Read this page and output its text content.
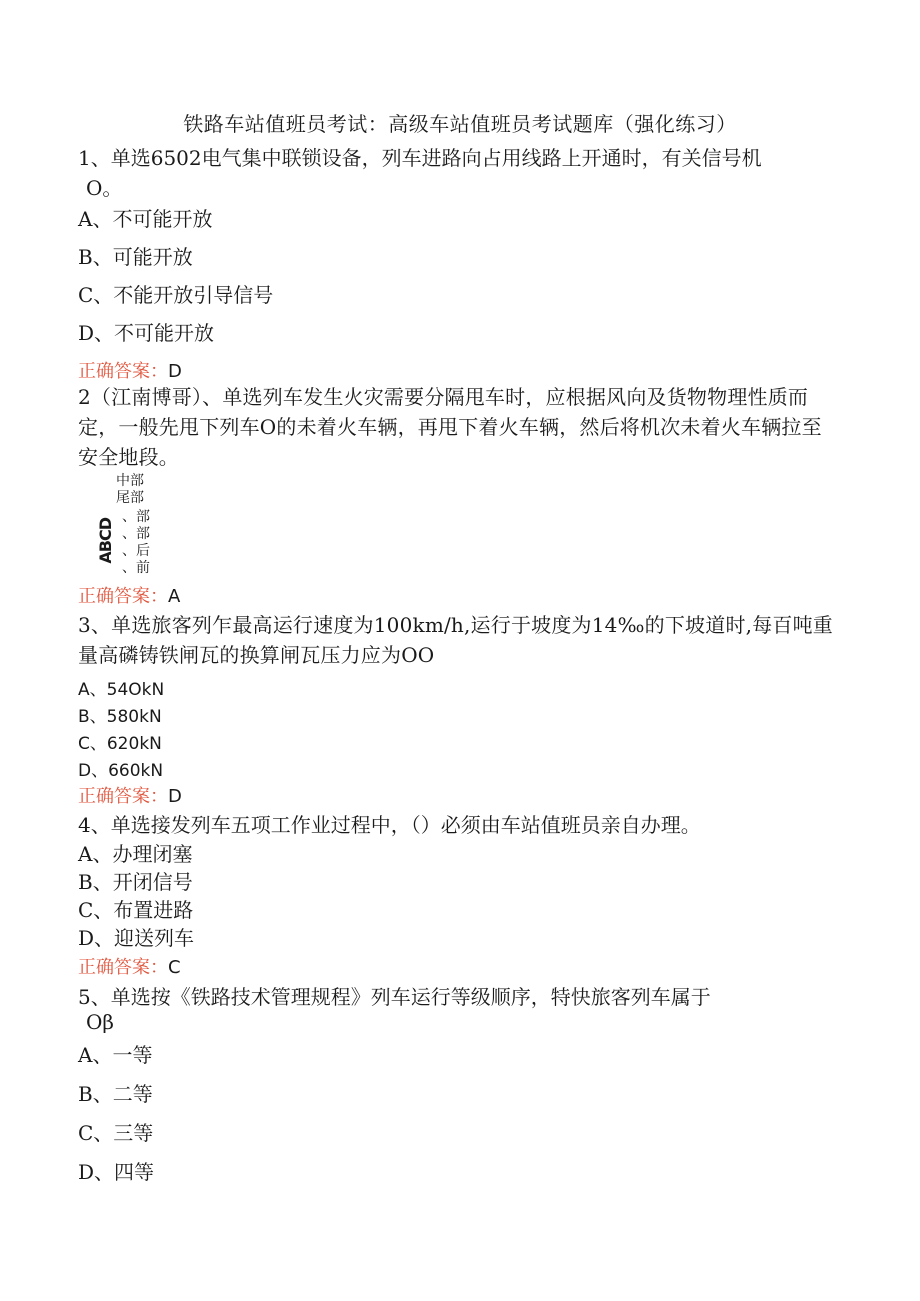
铁路车站值班员考试：高级车站值班员考试题库（强化练习）
1、单选6502电气集中联锁设备，列车进路向占用线路上开通时，有关信号机
O。
A、不可能开放
B、可能开放
C、不能开放引导信号
D、不可能开放
正确答案：D
2（江南博哥）、单选列车发生火灾需要分隔甩车时，应根据风向及货物物理性质而定，一般先甩下列车O的未着火车辆，再甩下着火车辆，然后将机次未着火车辆拉至安全地段。
中部
尾部
、部
、部
、后
、前
ABCD
正确答案：A
3、单选旅客列乍最高运行速度为100km∕h,运行于坡度为14‰的下坡道时,每百吨重量高磷铸铁闸瓦的换算闸瓦压力应为OO
A、54OkN
B、580kN
C、620kN
D、660kN
正确答案：D
4、单选接发列车五项工作业过程中，（）必须由车站值班员亲自办理。
A、办理闭塞
B、开闭信号
C、布置进路
D、迎送列车
正确答案：C
5、单选按《铁路技术管理规程》列车运行等级顺序，特快旅客列车属于
Oβ
A、一等
B、二等
C、三等
D、四等
